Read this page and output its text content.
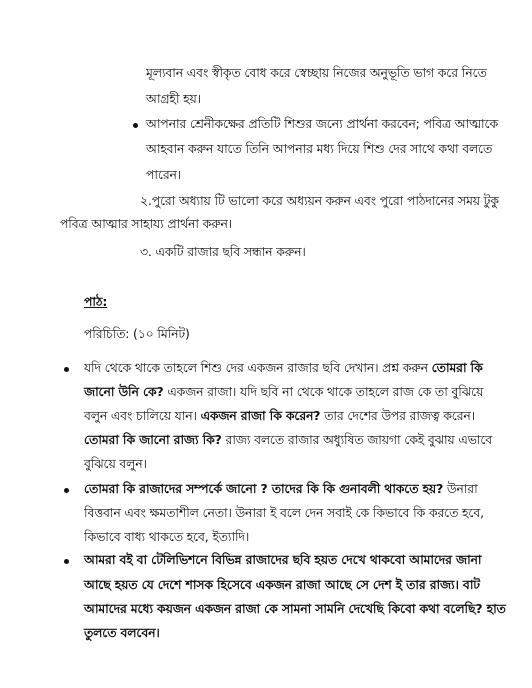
মূল্যবান এবং স্বীকৃত বোধ করে স্বেচ্ছায় নিজের অনুভূতি ভাগ করে নিতে
আগ্রহী হয়।
আপনার শ্রেনীকক্ষের প্রতিটি শিশুর জন্যে প্রার্থনা করবেন; পবিত্র আত্মাকে
আহবান করুন যাতে তিনি আপনার মধ্য দিয়ে শিশু দের সাথে কথা বলতে
পারেন।
২.পুরো অধ্যায় টি ভালো করে অধ্যয়ন করুন এবং পুরো পাঠদানের সময় টুকু
পবিত্র আত্মার সাহায্য প্রার্থনা করুন।
৩. একটি রাজার ছবি সন্ধান করুন।
পাঠ:
পরিচিতি: (১০ মিনিট)
যদি থেকে থাকে তাহলে শিশু দের একজন রাজার ছবি দেখান। প্রশ্ন করুন তোমরা কি
জানো উনি কে? একজন রাজা। যদি ছবি না থেকে থাকে তাহলে রাজ কে তা বুঝিয়ে
বলুন এবং চালিয়ে যান। একজন রাজা কি করেন? তার দেশের উপর রাজত্ব করেন।
তোমরা কি জানো রাজ্য কি? রাজ্য বলতে রাজার অধ্যুষিত জায়গা কেই বুঝায় এভাবে
বুঝিয়ে বলুন।
তোমরা কি রাজাদের সম্পর্কে জানো ? তাদের কি কি গুনাবলী থাকতে হয়? উনারা
বিত্তবান এবং ক্ষমতাশীল নেতা। উনারা ই বলে দেন সবাই কে কিভাবে কি করতে হবে,
কিভাবে বাধ্য থাকতে হবে, ইত্যাদি।
আমরা বই বা টেলিভিশনে বিভিন্ন রাজাদের ছবি হয়ত দেখে থাকবো আমাদের জানা
আছে হয়ত যে দেশে শাসক হিসেবে একজন রাজা আছে সে দেশ ই তার রাজ্য। বাট
আমাদের মধ্যে কয়জন একজন রাজা কে সামনা সামনি দেখেছি কিবো কথা বলেছি? হাত
তুলতে বলবেন।
